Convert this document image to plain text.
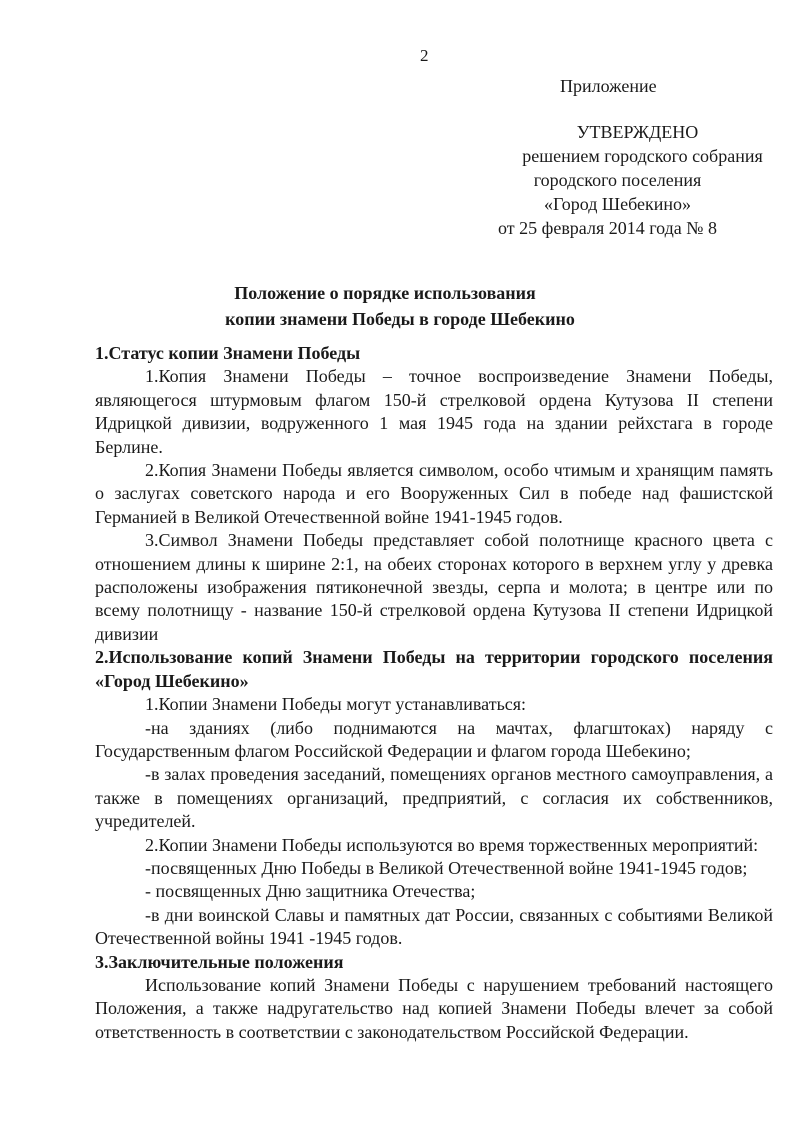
2
Приложение
УТВЕРЖДЕНО
решением городского собрания
городского поселения
«Город Шебекино»
от 25 февраля 2014 года № 8
Положение о порядке использования
копии знамени Победы в городе Шебекино
1.Статус копии Знамени Победы

1.Копия Знамени Победы – точное воспроизведение Знамени Победы, являющегося штурмовым флагом 150-й стрелковой ордена Кутузова II степени Идрицкой дивизии, водруженного 1 мая 1945 года на здании рейхстага в городе Берлине.

2.Копия Знамени Победы является символом, особо чтимым и хранящим память о заслугах советского народа и его Вооруженных Сил в победе над фашистской Германией в Великой Отечественной войне 1941-1945 годов.

3.Символ Знамени Победы представляет собой полотнище красного цвета с отношением длины к ширине 2:1, на обеих сторонах которого в верхнем углу у древка расположены изображения пятиконечной звезды, серпа и молота; в центре или по всему полотнищу - название 150-й стрелковой ордена Кутузова II степени Идрицкой дивизии

2.Использование копий Знамени Победы на территории городского поселения «Город Шебекино»

1.Копии Знамени Победы могут устанавливаться:

-на зданиях (либо поднимаются на мачтах, флагштоках) наряду с Государственным флагом Российской Федерации и флагом города Шебекино;

-в залах проведения заседаний, помещениях органов местного самоуправления, а также в помещениях организаций, предприятий, с согласия их собственников, учредителей.

2.Копии Знамени Победы используются во время торжественных мероприятий:

-посвященных Дню Победы в Великой Отечественной войне 1941-1945 годов;

- посвященных Дню защитника Отечества;

-в дни воинской Славы и памятных дат России, связанных с событиями Великой Отечественной войны 1941 -1945 годов.

3.Заключительные положения

Использование копий Знамени Победы с нарушением требований настоящего Положения, а также надругательство над копией Знамени Победы влечет за собой ответственность в соответствии с законодательством Российской Федерации.
